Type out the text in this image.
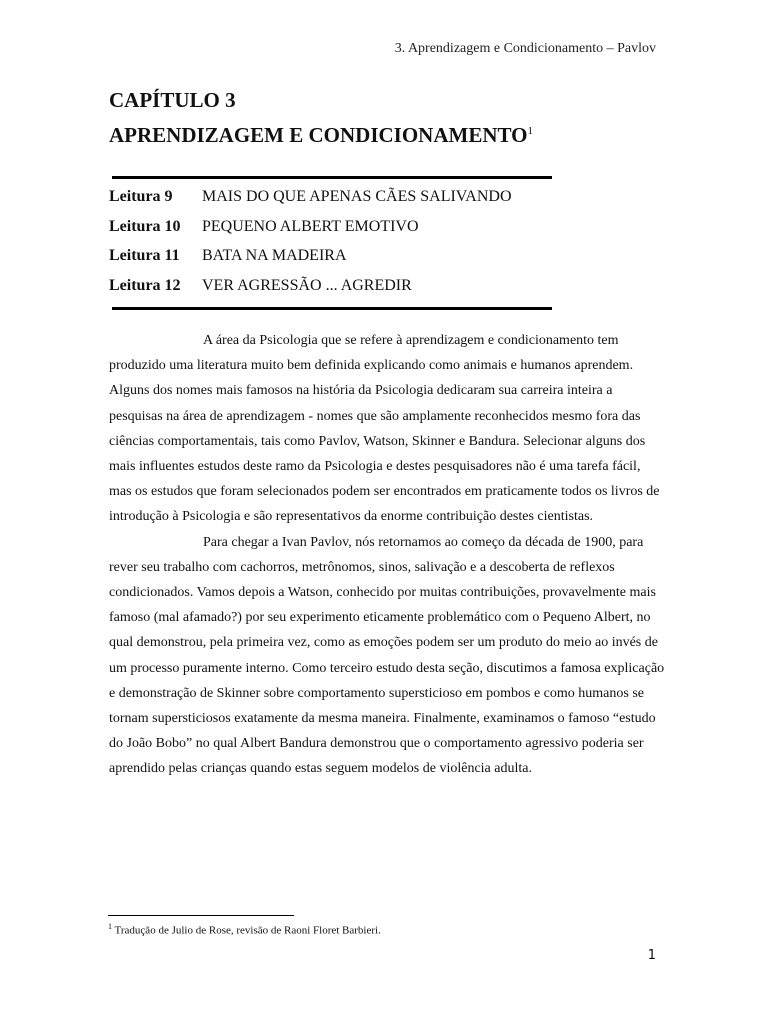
3. Aprendizagem e Condicionamento – Pavlov
CAPÍTULO 3
APRENDIZAGEM E CONDICIONAMENTO$^1$
Leitura 9 MAIS DO QUE APENAS CÃES SALIVANDO
Leitura 10 PEQUENO ALBERT EMOTIVO
Leitura 11 BATA NA MADEIRA
Leitura 12 VER AGRESSÃO ... AGREDIR

A área da Psicologia que se refere à aprendizagem e condicionamento tem produzido uma literatura muito bem definida explicando como animais e humanos aprendem. Alguns dos nomes mais famosos na história da Psicologia dedicaram sua carreira inteira a pesquisas na área de aprendizagem - nomes que são amplamente reconhecidos mesmo fora das ciências comportamentais, tais como Pavlov, Watson, Skinner e Bandura. Selecionar alguns dos mais influentes estudos deste ramo da Psicologia e destes pesquisadores não é uma tarefa fácil, mas os estudos que foram selecionados podem ser encontrados em praticamente todos os livros de introdução à Psicologia e são representativos da enorme contribuição destes cientistas.

Para chegar a Ivan Pavlov, nós retornamos ao começo da década de 1900, para rever seu trabalho com cachorros, metrônomos, sinos, salivação e a descoberta de reflexos condicionados. Vamos depois a Watson, conhecido por muitas contribuições, provavelmente mais famoso (mal afamado?) por seu experimento eticamente problemático com o Pequeno Albert, no qual demonstrou, pela primeira vez, como as emoções podem ser um produto do meio ao invés de um processo puramente interno. Como terceiro estudo desta seção, discutimos a famosa explicação e demonstração de Skinner sobre comportamento supersticioso em pombos e como humanos se tornam supersticiosos exatamente da mesma maneira. Finalmente, examinamos o famoso “estudo do João Bobo” no qual Albert Bandura demonstrou que o comportamento agressivo poderia ser aprendido pelas crianças quando estas seguem modelos de violência adulta.

$^1$ Tradução de Julio de Rose, revisão de Raoni Floret Barbieri.
1
